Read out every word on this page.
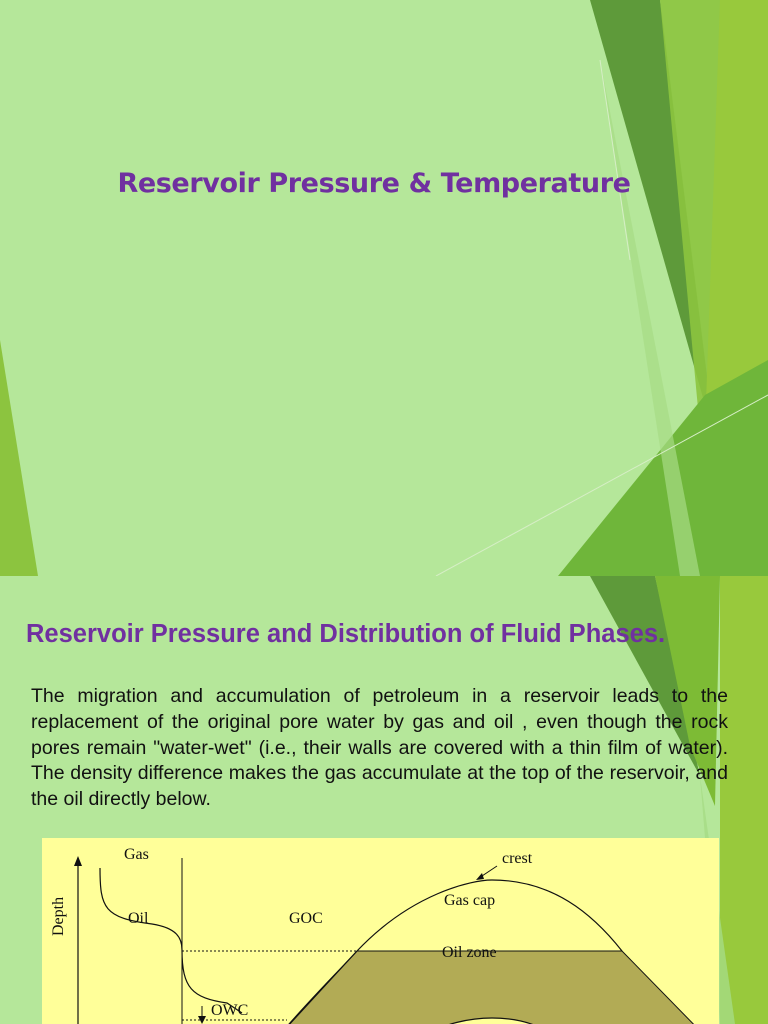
Reservoir Pressure & Temperature
Reservoir Pressure and Distribution of Fluid Phases.
The migration and accumulation of petroleum in a reservoir leads to the replacement of the original pore water by gas and oil , even though the rock pores remain "water-wet" (i.e., their walls are covered with a thin film of water). The density difference makes the gas accumulate at the top of the reservoir, and the oil directly below.
Gas
Oil
crest
Gas cap
GOC
Oil zone
OWC
Depth
